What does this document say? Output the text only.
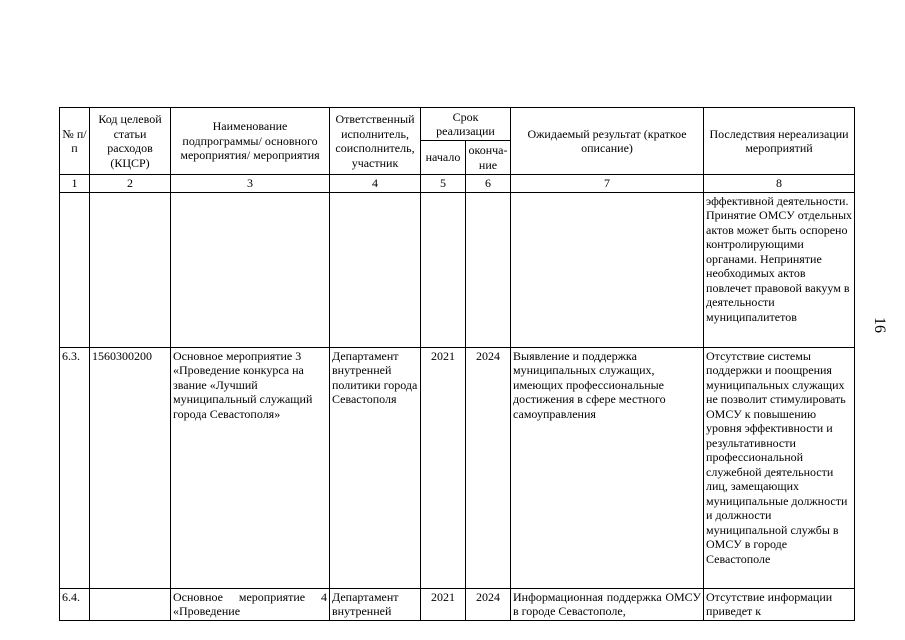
№ п/п	Код целевой статьи расходов (КЦСР)	Наименование подпрограммы/ основного мероприятия/ мероприятия	Ответственный исполнитель, соисполнитель, участник	Срок реализации		Ожидаемый результат (краткое описание)	Последствия нереализации мероприятий
				начало	оконча-ние		
1	2	3	4	5	6	7	8
							эффективной деятельности. Принятие ОМСУ отдельных актов может быть оспорено контролирующими органами. Непринятие необходимых актов повлечет правовой вакуум в деятельности муниципалитетов
6.3.	1560300200	Основное мероприятие 3 «Проведение конкурса на звание «Лучший муниципальный служащий города Севастополя»	Департамент внутренней политики города Севастополя	2021	2024	Выявление и поддержка муниципальных служащих, имеющих профессиональные достижения в сфере местного самоуправления	Отсутствие системы поддержки и поощрения муниципальных служащих не позволит стимулировать ОМСУ к повышению уровня эффективности и результативности профессиональной служебной деятельности лиц, замещающих муниципальные должности и должности муниципальной службы в ОМСУ в городе Севастополе
6.4.		Основное мероприятие 4 «Проведение	Департамент внутренней	2021	2024	Информационная поддержка ОМСУ в городе Севастополе,	Отсутствие информации приведет к
16
